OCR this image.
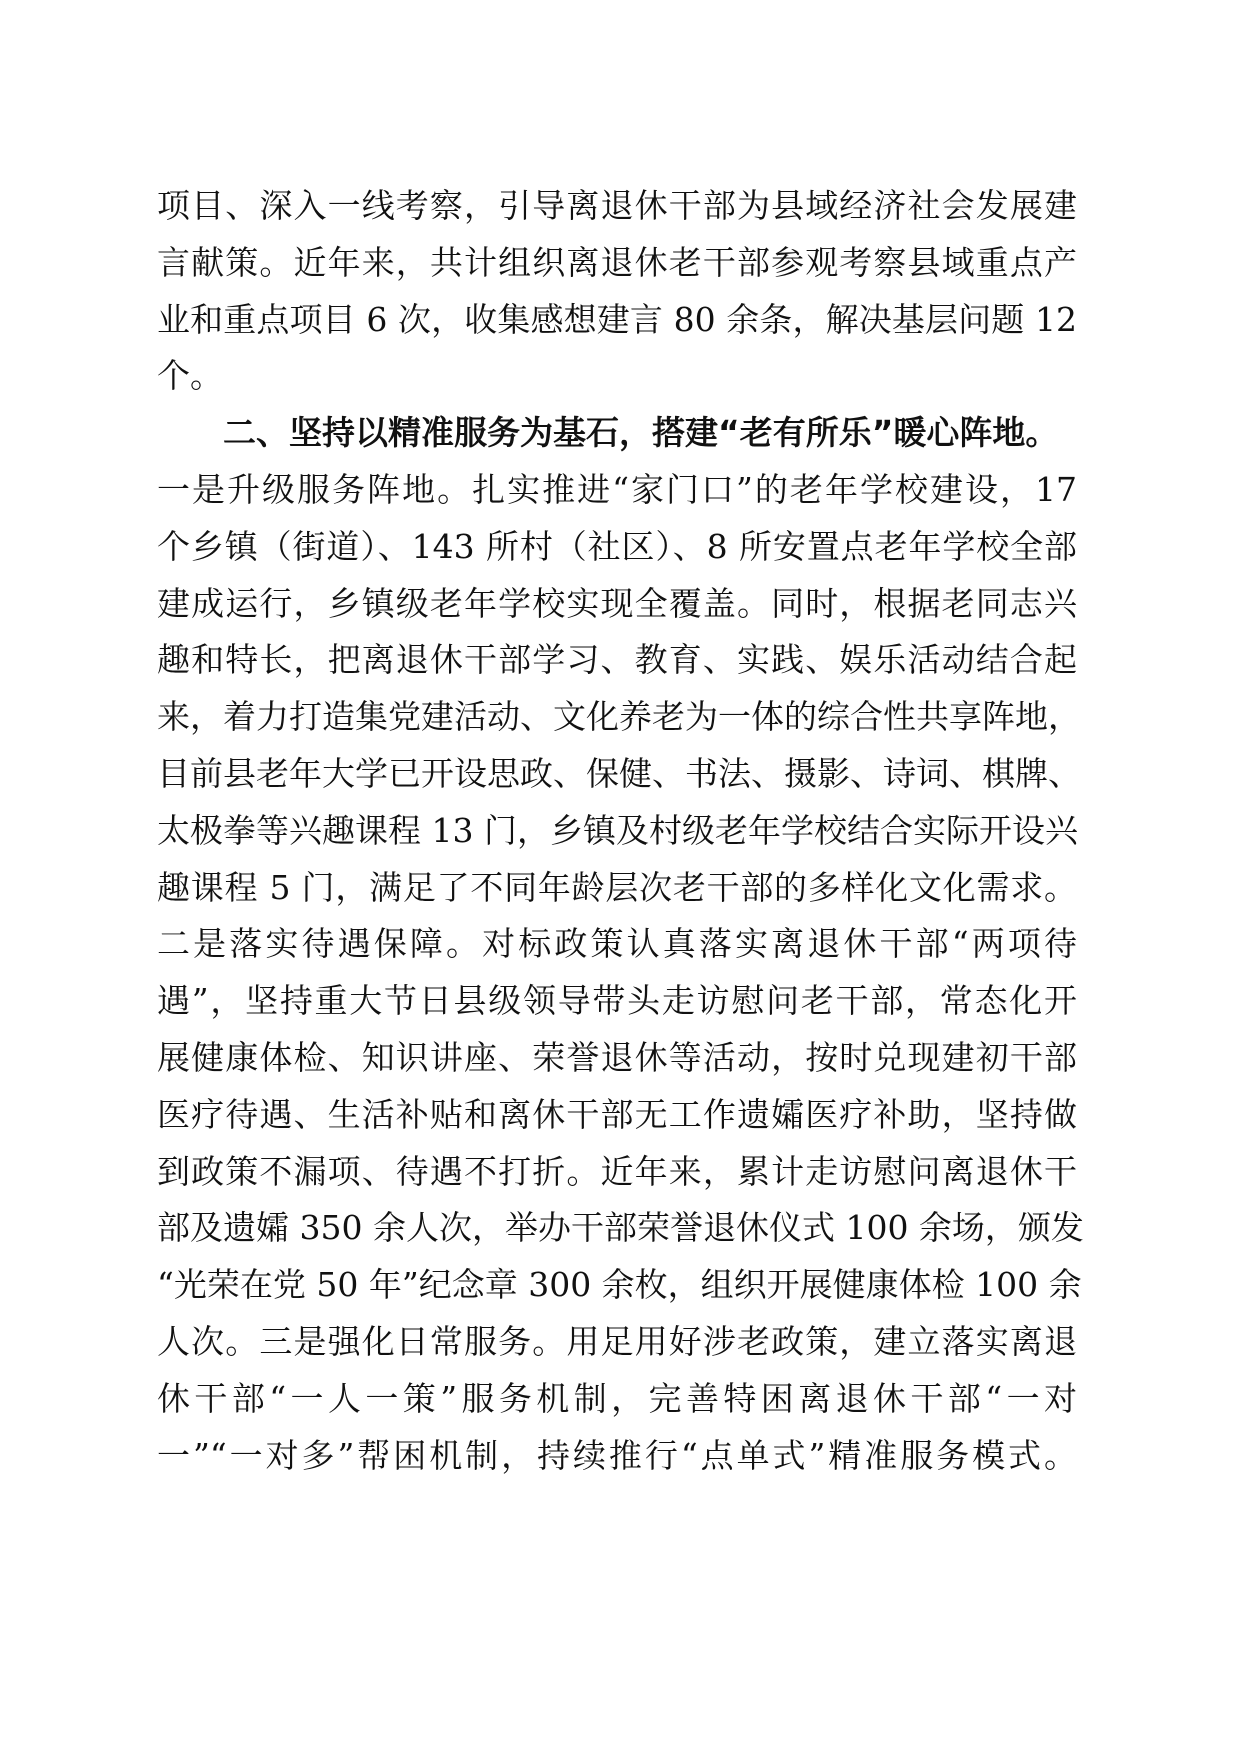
项目、深入一线考察，引导离退休干部为县域经济社会发展建
言献策。近年来，共计组织离退休老干部参观考察县域重点产
业和重点项目 6 次，收集感想建言 80 余条，解决基层问题 12
个。
二、坚持以精准服务为基石，搭建“老有所乐”暖心阵地。
一是升级服务阵地。扎实推进“家门口”的老年学校建设，17
个乡镇（街道）、143 所村（社区）、8 所安置点老年学校全部
建成运行，乡镇级老年学校实现全覆盖。同时，根据老同志兴
趣和特长，把离退休干部学习、教育、实践、娱乐活动结合起
来，着力打造集党建活动、文化养老为一体的综合性共享阵地，
目前县老年大学已开设思政、保健、书法、摄影、诗词、棋牌、
太极拳等兴趣课程 13 门，乡镇及村级老年学校结合实际开设兴
趣课程 5 门，满足了不同年龄层次老干部的多样化文化需求。
二是落实待遇保障。对标政策认真落实离退休干部“两项待
遇”，坚持重大节日县级领导带头走访慰问老干部，常态化开
展健康体检、知识讲座、荣誉退休等活动，按时兑现建初干部
医疗待遇、生活补贴和离休干部无工作遗孀医疗补助，坚持做
到政策不漏项、待遇不打折。近年来，累计走访慰问离退休干
部及遗孀 350 余人次，举办干部荣誉退休仪式 100 余场，颁发
“光荣在党 50 年”纪念章 300 余枚，组织开展健康体检 100 余
人次。三是强化日常服务。用足用好涉老政策，建立落实离退
休干部“一人一策”服务机制，完善特困离退休干部“一对
一”“一对多”帮困机制，持续推行“点单式”精准服务模式。
